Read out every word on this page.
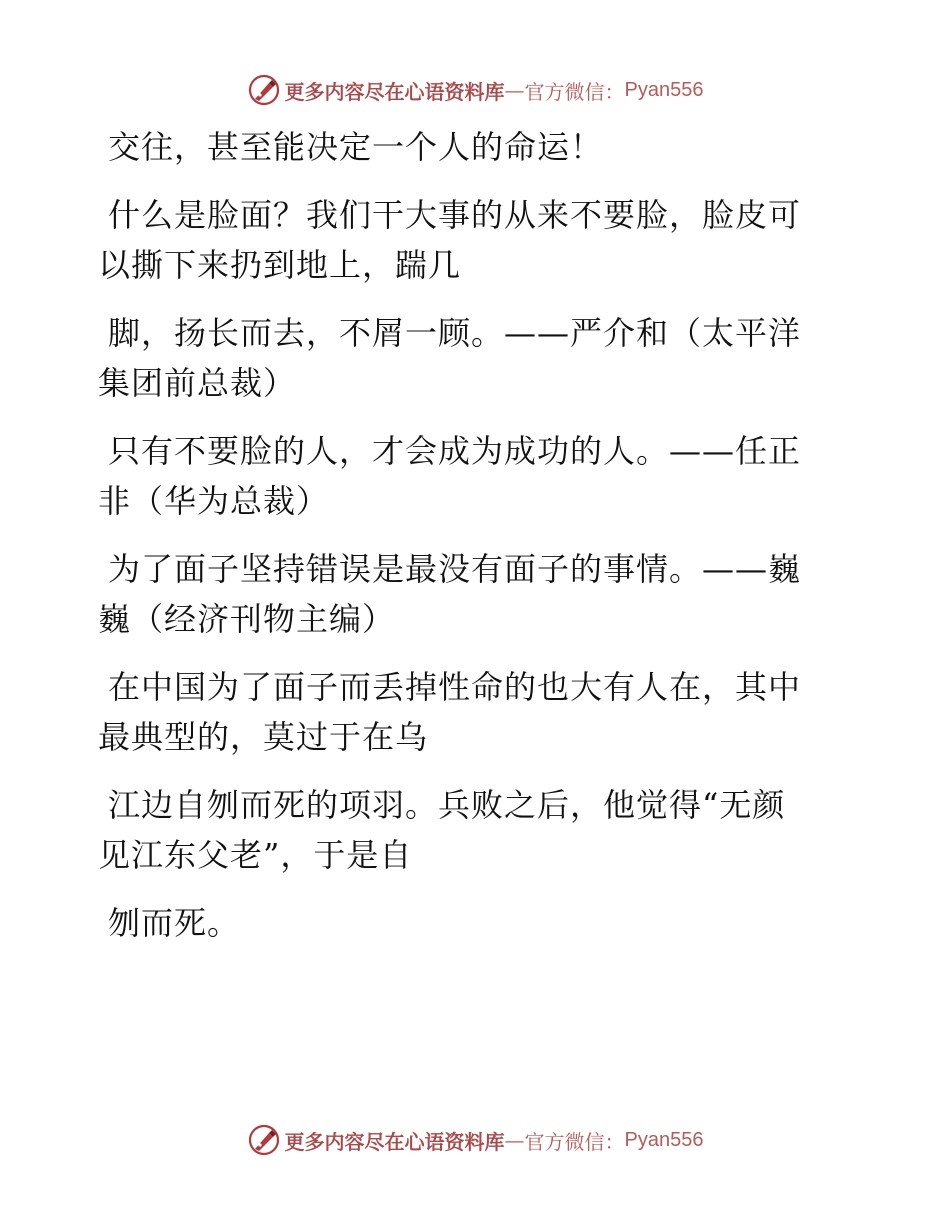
更多内容尽在心语资料库 — 官方微信： Pyan556
交往，甚至能决定一个人的命运！
什么是脸面？我们干大事的从来不要脸，脸皮可
以撕下来扔到地上，踹几
脚，扬长而去，不屑一顾。——严介和（太平洋
集团前总裁）
只有不要脸的人，才会成为成功的人。——任正
非（华为总裁）
为了面子坚持错误是最没有面子的事情。——巍
巍（经济刊物主编）
在中国为了面子而丢掉性命的也大有人在，其中
最典型的，莫过于在乌
江边自刎而死的项羽。兵败之后，他觉得“无颜
见江东父老”，于是自
刎而死。
更多内容尽在心语资料库 — 官方微信： Pyan556
